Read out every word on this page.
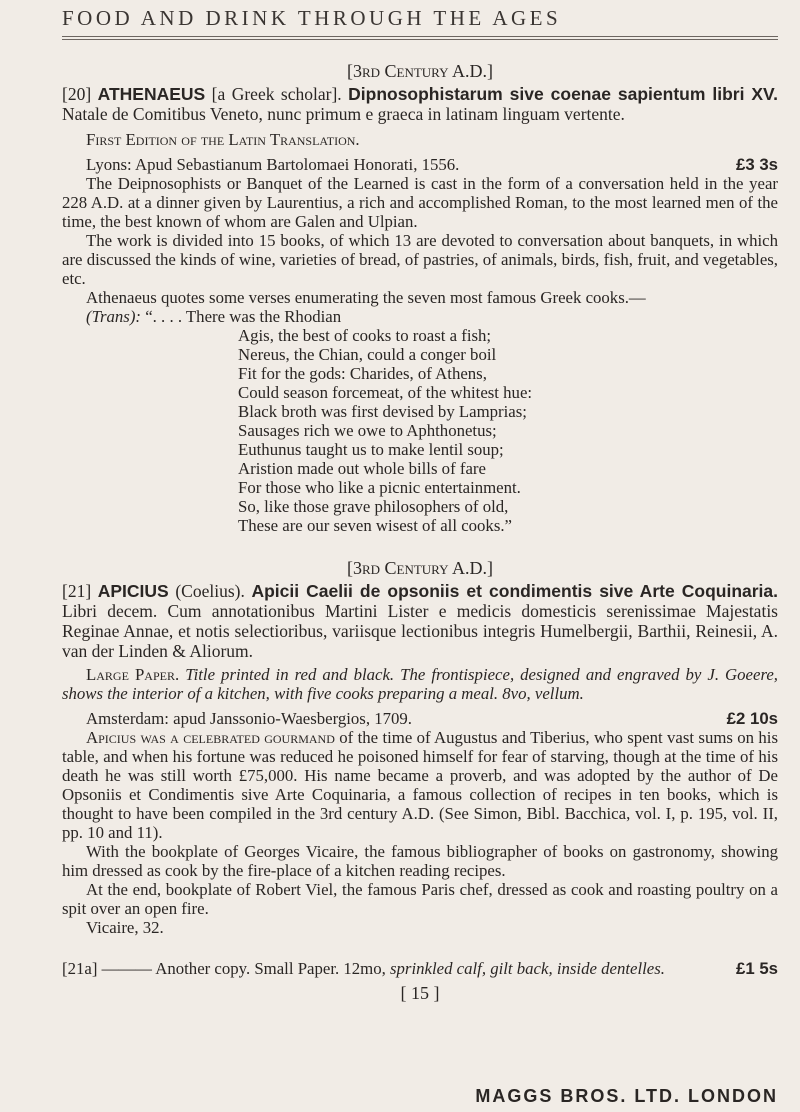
FOOD AND DRINK THROUGH THE AGES
[3rd Century A.D.]
[20] ATHENAEUS [a Greek scholar]. Dipnosophistarum sive coenae sapientum libri XV. Natale de Comitibus Veneto, nunc primum e graeca in latinam linguam vertente.
First Edition of the Latin Translation.
Lyons: Apud Sebastianum Bartolomaei Honorati, 1556.	£3 3s

The Deipnosophists or Banquet of the Learned is cast in the form of a conversation held in the year 228 A.D. at a dinner given by Laurentius, a rich and accomplished Roman, to the most learned men of the time, the best known of whom are Galen and Ulpian.

The work is divided into 15 books, of which 13 are devoted to conversation about banquets, in which are discussed the kinds of wine, varieties of bread, of pastries, of animals, birds, fish, fruit, and vegetables, etc.

Athenaeus quotes some verses enumerating the seven most famous Greek cooks.—

(Trans): “. . . . There was the Rhodian
Agis, the best of cooks to roast a fish;
Nereus, the Chian, could a conger boil
Fit for the gods: Charides, of Athens,
Could season forcemeat, of the whitest hue:
Black broth was first devised by Lamprias;
Sausages rich we owe to Aphthonetus;
Euthunus taught us to make lentil soup;
Aristion made out whole bills of fare
For those who like a picnic entertainment.
So, like those grave philosophers of old,
These are our seven wisest of all cooks.”
[3rd Century A.D.]
[21] APICIUS (Coelius). Apicii Caelii de opsoniis et condimentis sive Arte Coquinaria. Libri decem. Cum annotationibus Martini Lister e medicis domesticis serenissimae Majestatis Reginae Annae, et notis selectioribus, variisque lectionibus integris Humelbergii, Barthii, Reinesii, A. van der Linden & Aliorum.

Large Paper. Title printed in red and black. The frontispiece, designed and engraved by J. Goeere, shows the interior of a kitchen, with five cooks preparing a meal. 8vo, vellum.

Amsterdam: apud Janssonio-Waesbergios, 1709.	£2 10s

Apicius was a celebrated gourmand of the time of Augustus and Tiberius, who spent vast sums on his table, and when his fortune was reduced he poisoned himself for fear of starving, though at the time of his death he was still worth £75,000. His name became a proverb, and was adopted by the author of De Opsoniis et Condimentis sive Arte Coquinaria, a famous collection of recipes in ten books, which is thought to have been compiled in the 3rd century A.D. (See Simon, Bibl. Bacchica, vol. I, p. 195, vol. II, pp. 10 and 11).

With the bookplate of Georges Vicaire, the famous bibliographer of books on gastronomy, showing him dressed as cook by the fire-place of a kitchen reading recipes.

At the end, bookplate of Robert Viel, the famous Paris chef, dressed as cook and roasting poultry on a spit over an open fire.

Vicaire, 32.

[21a] ——— Another copy. Small Paper. 12mo, sprinkled calf, gilt back, inside dentelles.	£1 5s

[ 15 ]
MAGGS BROS. LTD. LONDON
